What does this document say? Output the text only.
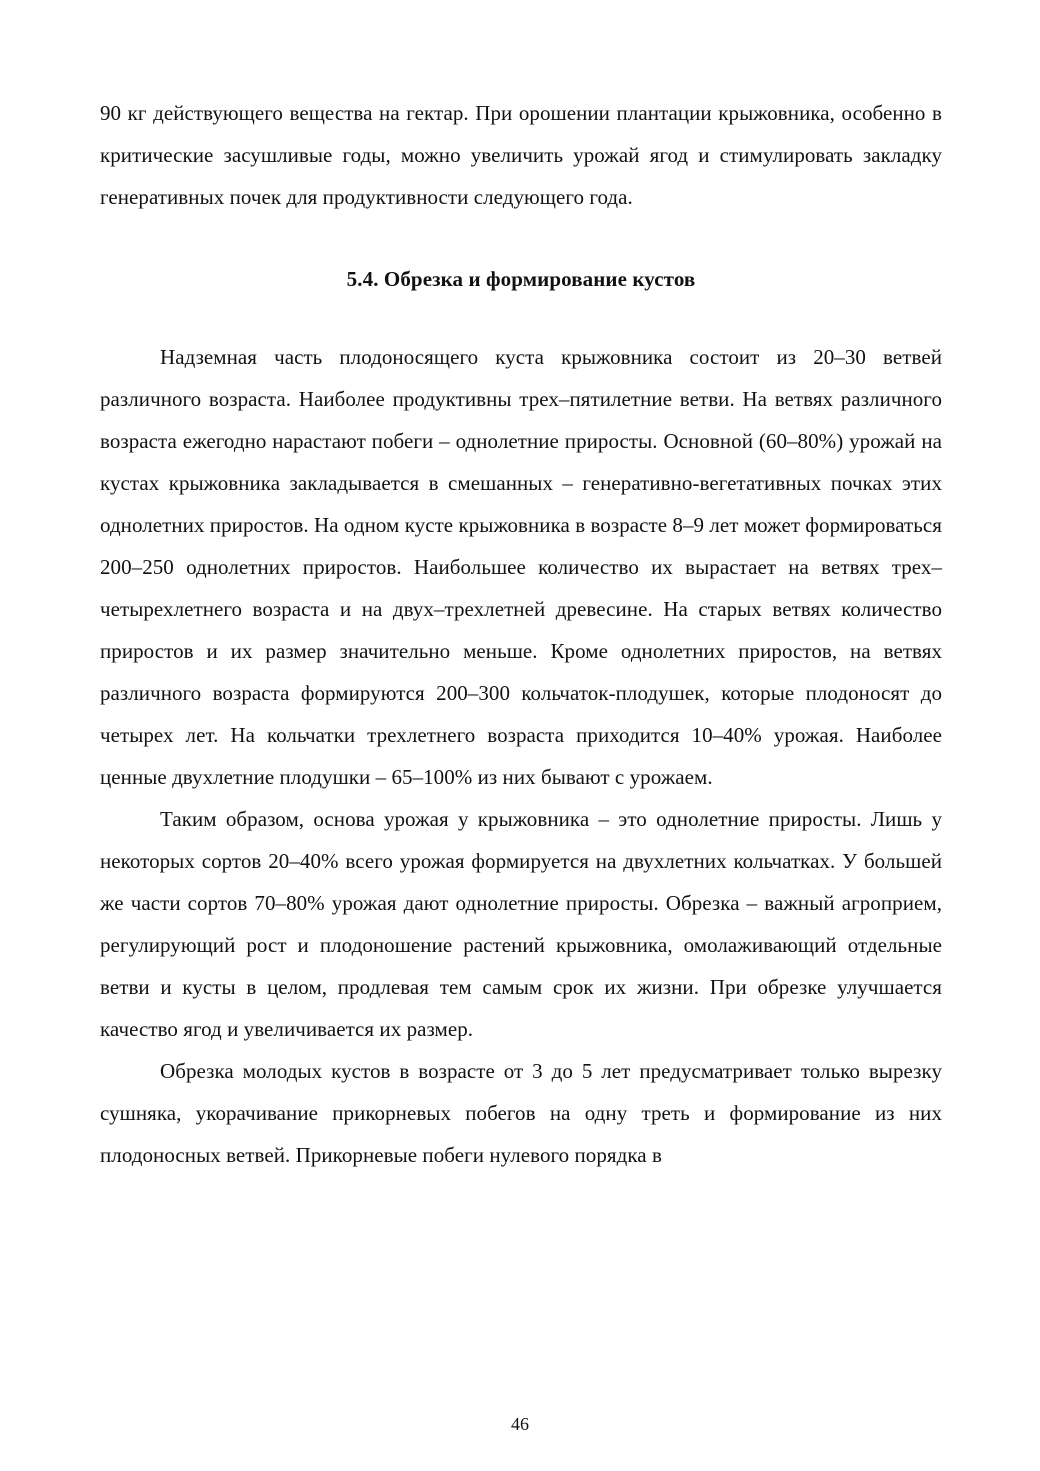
90 кг действующего вещества на гектар. При орошении плантации крыжовника, особенно в критические засушливые годы, можно увеличить урожай ягод и стимулировать закладку генеративных почек для продуктивности следующего года.

5.4. Обрезка и формирование кустов

Надземная часть плодоносящего куста крыжовника состоит из 20–30 ветвей различного возраста. Наиболее продуктивны трех–пятилетние ветви. На ветвях различного возраста ежегодно нарастают побеги – однолетние приросты. Основной (60–80%) урожай на кустах крыжовника закладывается в смешанных – генеративно-вегетативных почках этих однолетних приростов. На одном кусте крыжовника в возрасте 8–9 лет может формироваться 200–250 однолетних приростов. Наибольшее количество их вырастает на ветвях трех–четырехлетнего возраста и на двух–трехлетней древесине. На старых ветвях количество приростов и их размер значительно меньше. Кроме однолетних приростов, на ветвях различного возраста формируются 200–300 кольчаток-плодушек, которые плодоносят до четырех лет. На кольчатки трехлетнего возраста приходится 10–40% урожая. Наиболее ценные двухлетние плодушки – 65–100% из них бывают с урожаем.

Таким образом, основа урожая у крыжовника – это однолетние приросты. Лишь у некоторых сортов 20–40% всего урожая формируется на двухлетних кольчатках. У большей же части сортов 70–80% урожая дают однолетние приросты. Обрезка – важный агроприем, регулирующий рост и плодоношение растений крыжовника, омолаживающий отдельные ветви и кусты в целом, продлевая тем самым срок их жизни. При обрезке улучшается качество ягод и увеличивается их размер.

Обрезка молодых кустов в возрасте от 3 до 5 лет предусматривает только вырезку сушняка, укорачивание прикорневых побегов на одну треть и формирование из них плодоносных ветвей. Прикорневые побеги нулевого порядка в

46
